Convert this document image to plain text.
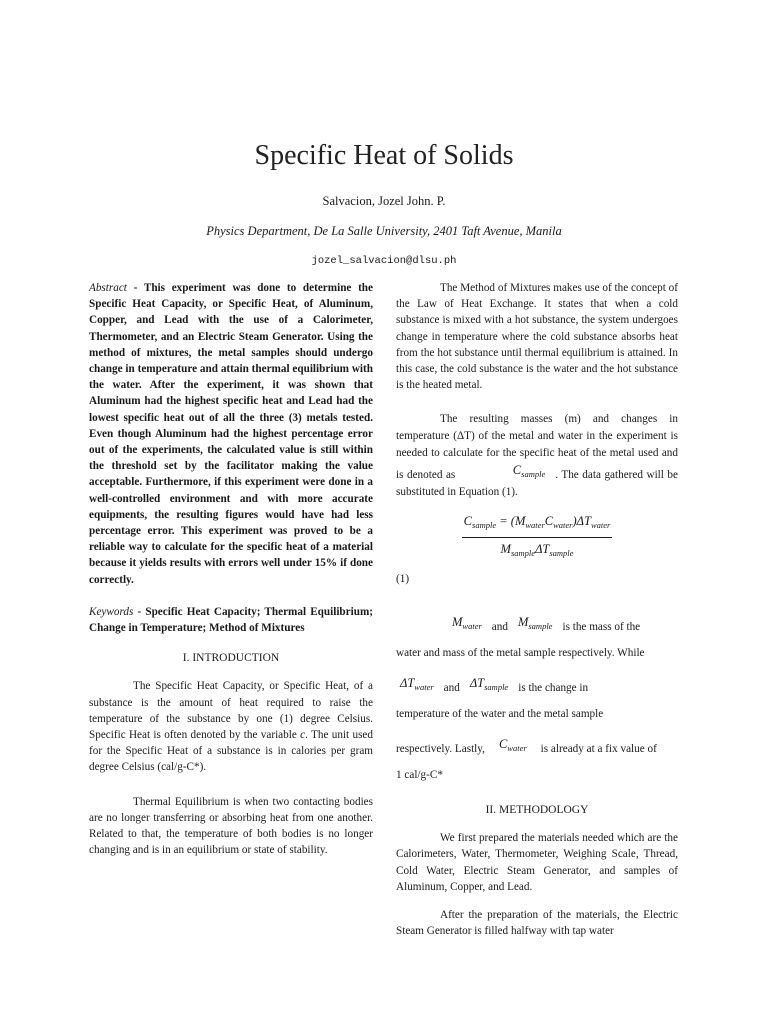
Specific Heat of Solids
Salvacion, Jozel John. P.
Physics Department, De La Salle University, 2401 Taft Avenue, Manila
jozel_salvacion@dlsu.ph

Abstract - This experiment was done to determine the Specific Heat Capacity, or Specific Heat, of Aluminum, Copper, and Lead with the use of a Calorimeter, Thermometer, and an Electric Steam Generator. Using the method of mixtures, the metal samples should undergo change in temperature and attain thermal equilibrium with the water. After the experiment, it was shown that Aluminum had the highest specific heat and Lead had the lowest specific heat out of all the three (3) metals tested. Even though Aluminum had the highest percentage error out of the experiments, the calculated value is still within the threshold set by the facilitator making the value acceptable. Furthermore, if this experiment were done in a well-controlled environment and with more accurate equipments, the resulting figures would have had less percentage error. This experiment was proved to be a reliable way to calculate for the specific heat of a material because it yields results with errors well under 15% if done correctly.

Keywords - Specific Heat Capacity; Thermal Equilibrium; Change in Temperature; Method of Mixtures

I. INTRODUCTION

The Specific Heat Capacity, or Specific Heat, of a substance is the amount of heat required to raise the temperature of the substance by one (1) degree Celsius. Specific Heat is often denoted by the variable c. The unit used for the Specific Heat of a substance is in calories per gram degree Celsius (cal/g-C*).

Thermal Equilibrium is when two contacting bodies are no longer transferring or absorbing heat from one another. Related to that, the temperature of both bodies is no longer changing and is in an equilibrium or state of stability.

The Method of Mixtures makes use of the concept of the Law of Heat Exchange. It states that when a cold substance is mixed with a hot substance, the system undergoes change in temperature where the cold substance absorbs heat from the hot substance until thermal equilibrium is attained. In this case, the cold substance is the water and the hot substance is the heated metal.

The resulting masses (m) and changes in temperature (ΔT) of the metal and water in the experiment is needed to calculate for the specific heat of the metal used and is denoted as	$C_{sample}$ . The data gathered will be substituted in Equation (1).

$\frac{C_{sample} = (M_{water}C_{water})\Delta T_{water}}{M_{sample}\Delta T_{sample}}$

(1)

$M_{water}$ and $M_{sample}$ is the mass of the
water and mass of the metal sample respectively. While

$\Delta T_{water}$ and $\Delta T_{sample}$ is the change in
temperature of the water and the metal sample

respectively. Lastly, $C_{water}$ is already at a fix value of
1 cal/g-C*

II. METHODOLOGY

We first prepared the materials needed which are the Calorimeters, Water, Thermometer, Weighing Scale, Thread, Cold Water, Electric Steam Generator, and samples of Aluminum, Copper, and Lead.

After the preparation of the materials, the Electric Steam Generator is filled halfway with tap water
